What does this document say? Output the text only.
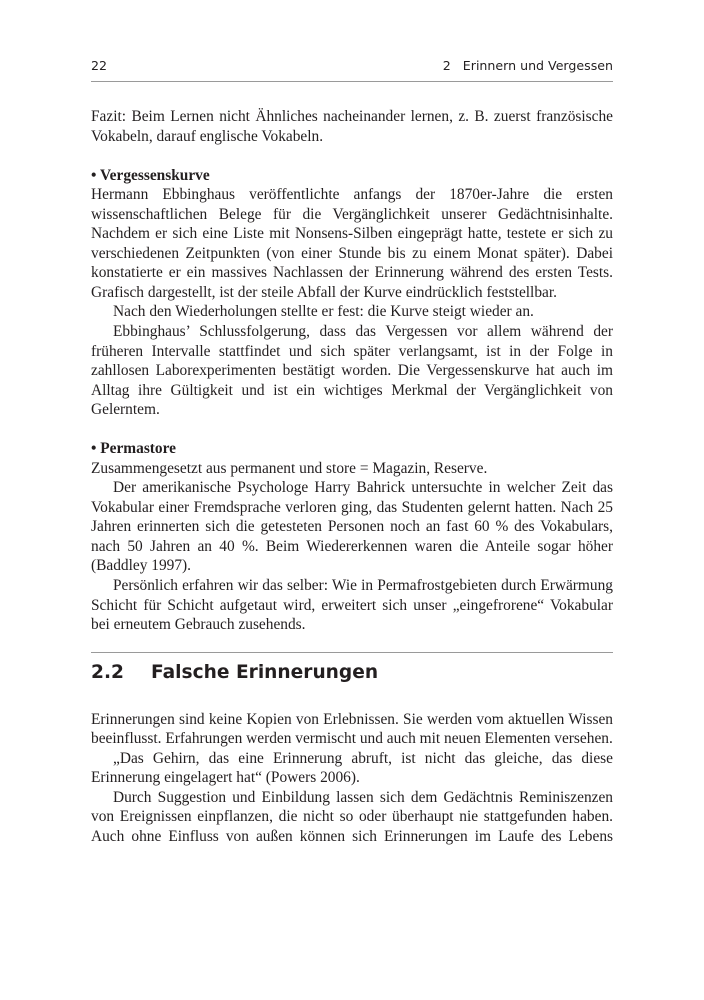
22	2   Erinnern und Vergessen

Fazit: Beim Lernen nicht Ähnliches nacheinander lernen, z. B. zuerst französische Vokabeln, darauf englische Vokabeln.

• Vergessenskurve

Hermann Ebbinghaus veröffentlichte anfangs der 1870er-Jahre die ersten wissenschaftlichen Belege für die Vergänglichkeit unserer Gedächtnisinhalte. Nachdem er sich eine Liste mit Nonsens-Silben eingeprägt hatte, testete er sich zu verschiedenen Zeitpunkten (von einer Stunde bis zu einem Monat später). Dabei konstatierte er ein massives Nachlassen der Erinnerung während des ersten Tests. Grafisch dargestellt, ist der steile Abfall der Kurve eindrücklich feststellbar.

Nach den Wiederholungen stellte er fest: die Kurve steigt wieder an.

Ebbinghaus’ Schlussfolgerung, dass das Vergessen vor allem während der früheren Intervalle stattfindet und sich später verlangsamt, ist in der Folge in zahllosen Laborexperimenten bestätigt worden. Die Vergessenskurve hat auch im Alltag ihre Gültigkeit und ist ein wichtiges Merkmal der Vergänglichkeit von Gelerntem.

• Permastore

Zusammengesetzt aus permanent und store = Magazin, Reserve.

Der amerikanische Psychologe Harry Bahrick untersuchte in welcher Zeit das Vokabular einer Fremdsprache verloren ging, das Studenten gelernt hatten. Nach 25 Jahren erinnerten sich die getesteten Personen noch an fast 60 % des Vokabulars, nach 50 Jahren an 40 %. Beim Wiedererkennen waren die Anteile sogar höher (Baddley 1997).

Persönlich erfahren wir das selber: Wie in Permafrostgebieten durch Erwärmung Schicht für Schicht aufgetaut wird, erweitert sich unser „eingefrorene“ Vokabular bei erneutem Gebrauch zusehends.

2.2 Falsche Erinnerungen

Erinnerungen sind keine Kopien von Erlebnissen. Sie werden vom aktuellen Wissen beeinflusst. Erfahrungen werden vermischt und auch mit neuen Elementen versehen.

„Das Gehirn, das eine Erinnerung abruft, ist nicht das gleiche, das diese Erinnerung eingelagert hat“ (Powers 2006).

Durch Suggestion und Einbildung lassen sich dem Gedächtnis Reminiszenzen von Ereignissen einpflanzen, die nicht so oder überhaupt nie stattgefunden haben. Auch ohne Einfluss von außen können sich Erinnerungen im Laufe des Lebens
